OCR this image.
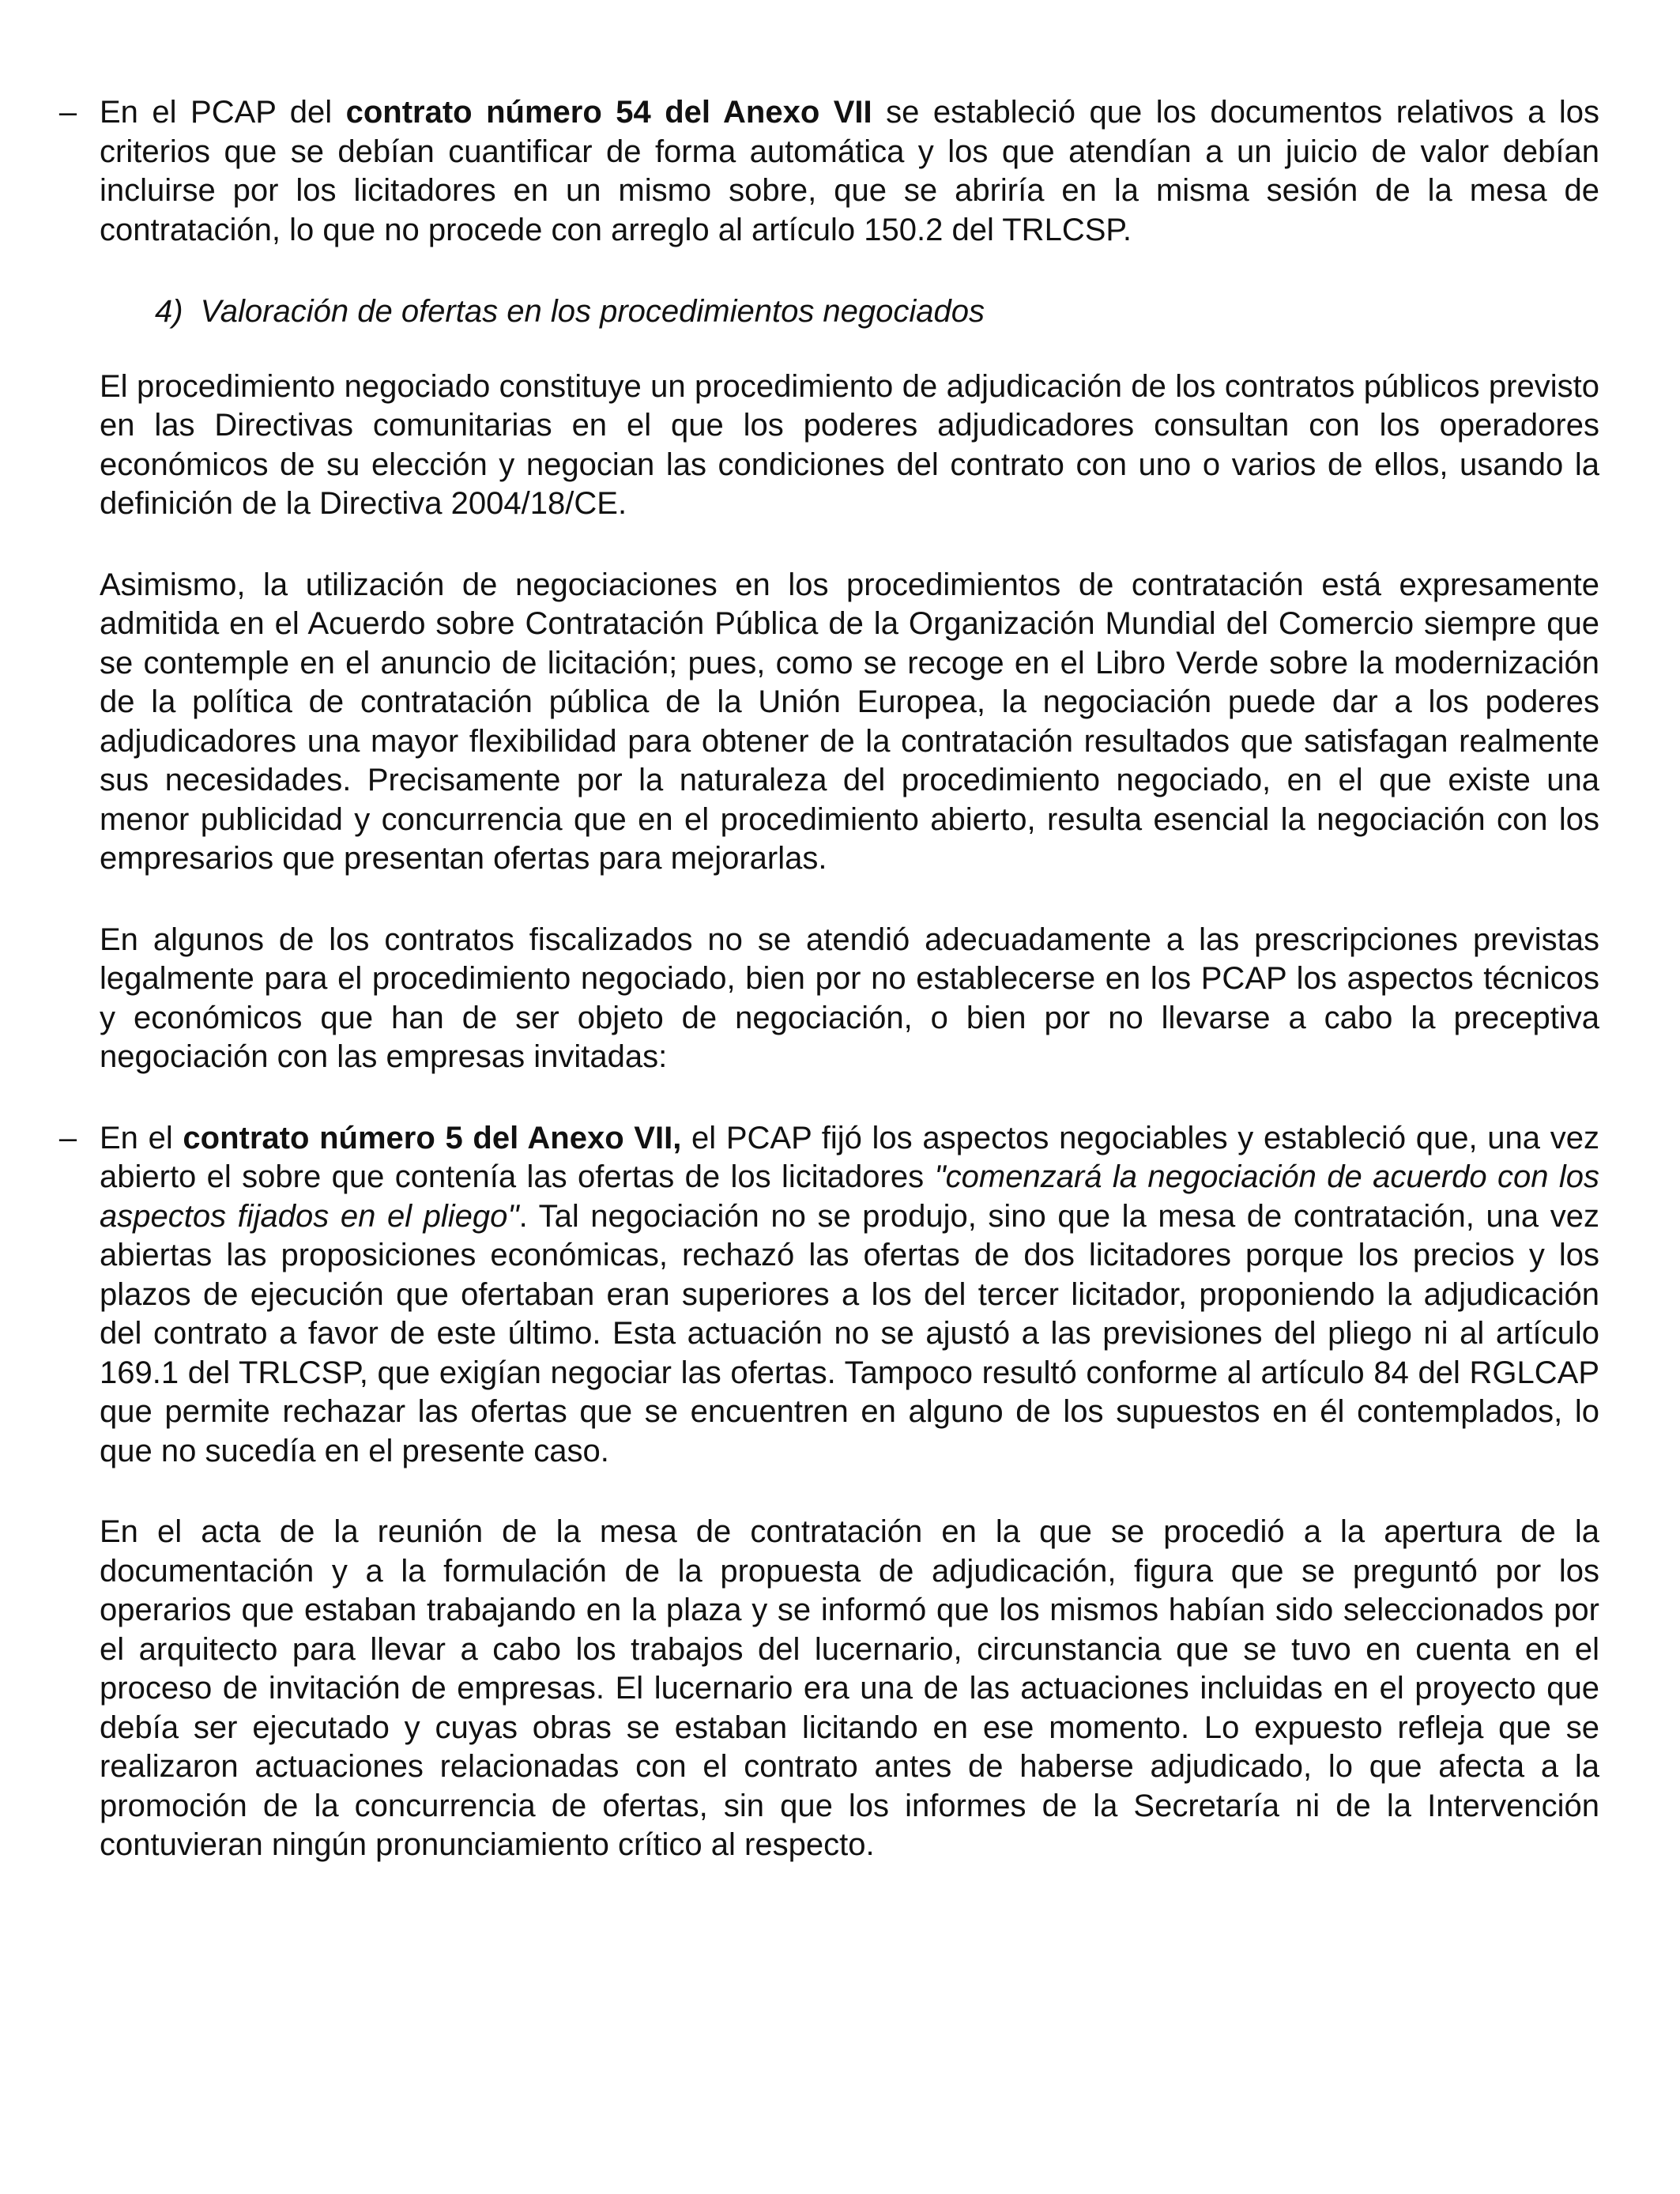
– En el PCAP del contrato número 54 del Anexo VII se estableció que los documentos relativos a los criterios que se debían cuantificar de forma automática y los que atendían a un juicio de valor debían incluirse por los licitadores en un mismo sobre, que se abriría en la misma sesión de la mesa de contratación, lo que no procede con arreglo al artículo 150.2 del TRLCSP.

4) Valoración de ofertas en los procedimientos negociados

El procedimiento negociado constituye un procedimiento de adjudicación de los contratos públicos previsto en las Directivas comunitarias en el que los poderes adjudicadores consultan con los operadores económicos de su elección y negocian las condiciones del contrato con uno o varios de ellos, usando la definición de la Directiva 2004/18/CE.

Asimismo, la utilización de negociaciones en los procedimientos de contratación está expresamente admitida en el Acuerdo sobre Contratación Pública de la Organización Mundial del Comercio siempre que se contemple en el anuncio de licitación; pues, como se recoge en el Libro Verde sobre la modernización de la política de contratación pública de la Unión Europea, la negociación puede dar a los poderes adjudicadores una mayor flexibilidad para obtener de la contratación resultados que satisfagan realmente sus necesidades. Precisamente por la naturaleza del procedimiento negociado, en el que existe una menor publicidad y concurrencia que en el procedimiento abierto, resulta esencial la negociación con los empresarios que presentan ofertas para mejorarlas.

En algunos de los contratos fiscalizados no se atendió adecuadamente a las prescripciones previstas legalmente para el procedimiento negociado, bien por no establecerse en los PCAP los aspectos técnicos y económicos que han de ser objeto de negociación, o bien por no llevarse a cabo la preceptiva negociación con las empresas invitadas:

– En el contrato número 5 del Anexo VII, el PCAP fijó los aspectos negociables y estableció que, una vez abierto el sobre que contenía las ofertas de los licitadores "comenzará la negociación de acuerdo con los aspectos fijados en el pliego". Tal negociación no se produjo, sino que la mesa de contratación, una vez abiertas las proposiciones económicas, rechazó las ofertas de dos licitadores porque los precios y los plazos de ejecución que ofertaban eran superiores a los del tercer licitador, proponiendo la adjudicación del contrato a favor de este último. Esta actuación no se ajustó a las previsiones del pliego ni al artículo 169.1 del TRLCSP, que exigían negociar las ofertas. Tampoco resultó conforme al artículo 84 del RGLCAP que permite rechazar las ofertas que se encuentren en alguno de los supuestos en él contemplados, lo que no sucedía en el presente caso.

En el acta de la reunión de la mesa de contratación en la que se procedió a la apertura de la documentación y a la formulación de la propuesta de adjudicación, figura que se preguntó por los operarios que estaban trabajando en la plaza y se informó que los mismos habían sido seleccionados por el arquitecto para llevar a cabo los trabajos del lucernario, circunstancia que se tuvo en cuenta en el proceso de invitación de empresas. El lucernario era una de las actuaciones incluidas en el proyecto que debía ser ejecutado y cuyas obras se estaban licitando en ese momento. Lo expuesto refleja que se realizaron actuaciones relacionadas con el contrato antes de haberse adjudicado, lo que afecta a la promoción de la concurrencia de ofertas, sin que los informes de la Secretaría ni de la Intervención contuvieran ningún pronunciamiento crítico al respecto.
